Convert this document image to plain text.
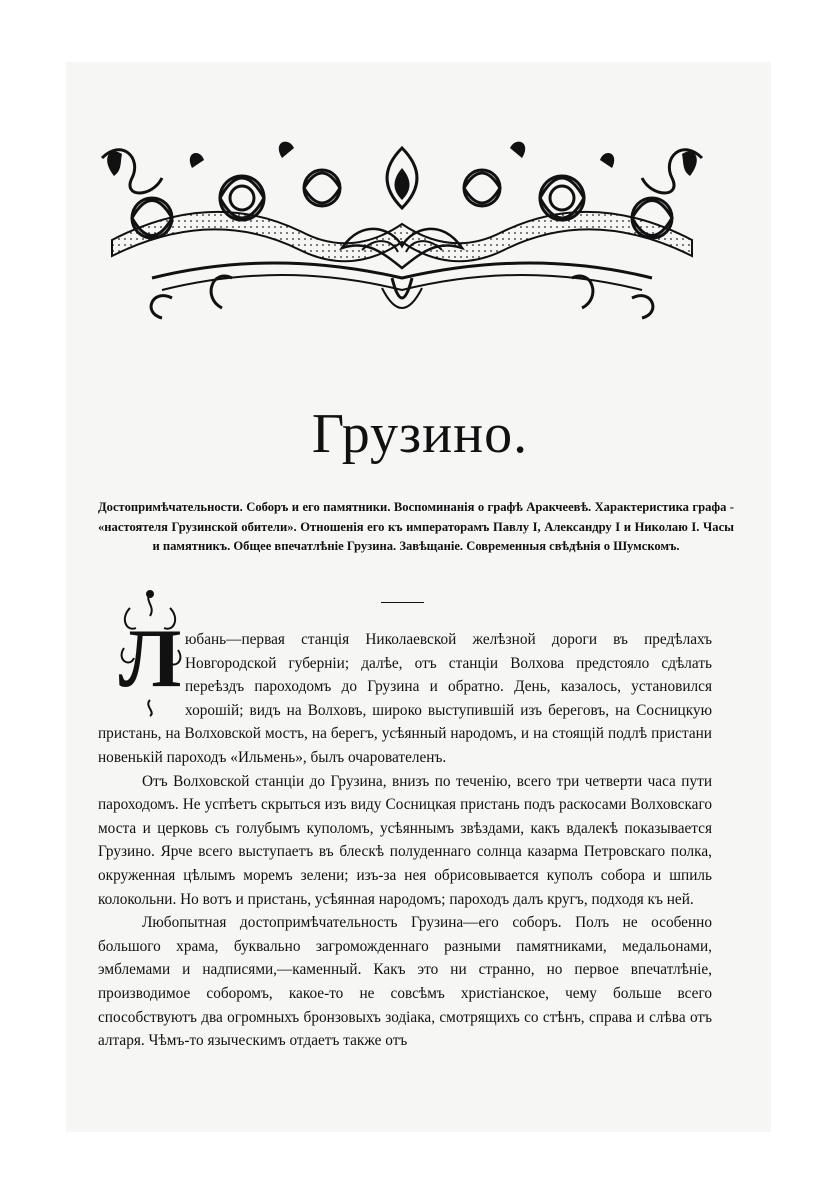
Грузино.
Достопримѣчательности. Соборъ и его памятники. Воспоминанія о графѣ Аракчеевѣ. Характеристика графа - «настоятеля Грузинской обители». Отношенія его къ императорамъ Павлу I, Александру I и Николаю I. Часы и памятникъ. Общее впечатлѣніе Грузина. Завѣщаніе. Современныя свѣдѣнія о Шумскомъ.
Л юбань—первая станція Николаевской желѣзной дороги въ предѣлахъ Новгородской губерніи; далѣе, отъ станціи Волхова предстояло сдѣлать переѣздъ пароходомъ до Грузина и обратно. День, казалось, установился хорошій; видъ на Волховъ, широко выступившій изъ береговъ, на Сосницкую пристань, на Волховской мостъ, на берегъ, усѣянный народомъ, и на стоящій подлѣ пристани новенькій пароходъ «Ильмень», былъ очарователенъ.

Отъ Волховской станціи до Грузина, внизъ по теченію, всего три четверти часа пути пароходомъ. Не успѣетъ скрыться изъ виду Сосницкая пристань подъ раскосами Волховскаго моста и церковь съ голубымъ куполомъ, усѣяннымъ звѣздами, какъ вдалекѣ показывается Грузино. Ярче всего выступаетъ въ блескѣ полуденнаго солнца казарма Петровскаго полка, окруженная цѣлымъ моремъ зелени; изъ-за нея обрисовывается куполъ собора и шпиль колокольни. Но вотъ и пристань, усѣянная народомъ; пароходъ далъ кругъ, подходя къ ней.

Любопытная достопримѣчательность Грузина—его соборъ. Полъ не особенно большого храма, буквально загроможденнаго разными памятниками, медальонами, эмблемами и надписями,—каменный. Какъ это ни странно, но первое впечатлѣніе, производимое соборомъ, какое-то не совсѣмъ христіанское, чему больше всего способствуютъ два огромныхъ бронзовыхъ зодіака, смотрящихъ со стѣнъ, справа и слѣва отъ алтаря. Чѣмъ-то языческимъ отдаетъ также отъ
